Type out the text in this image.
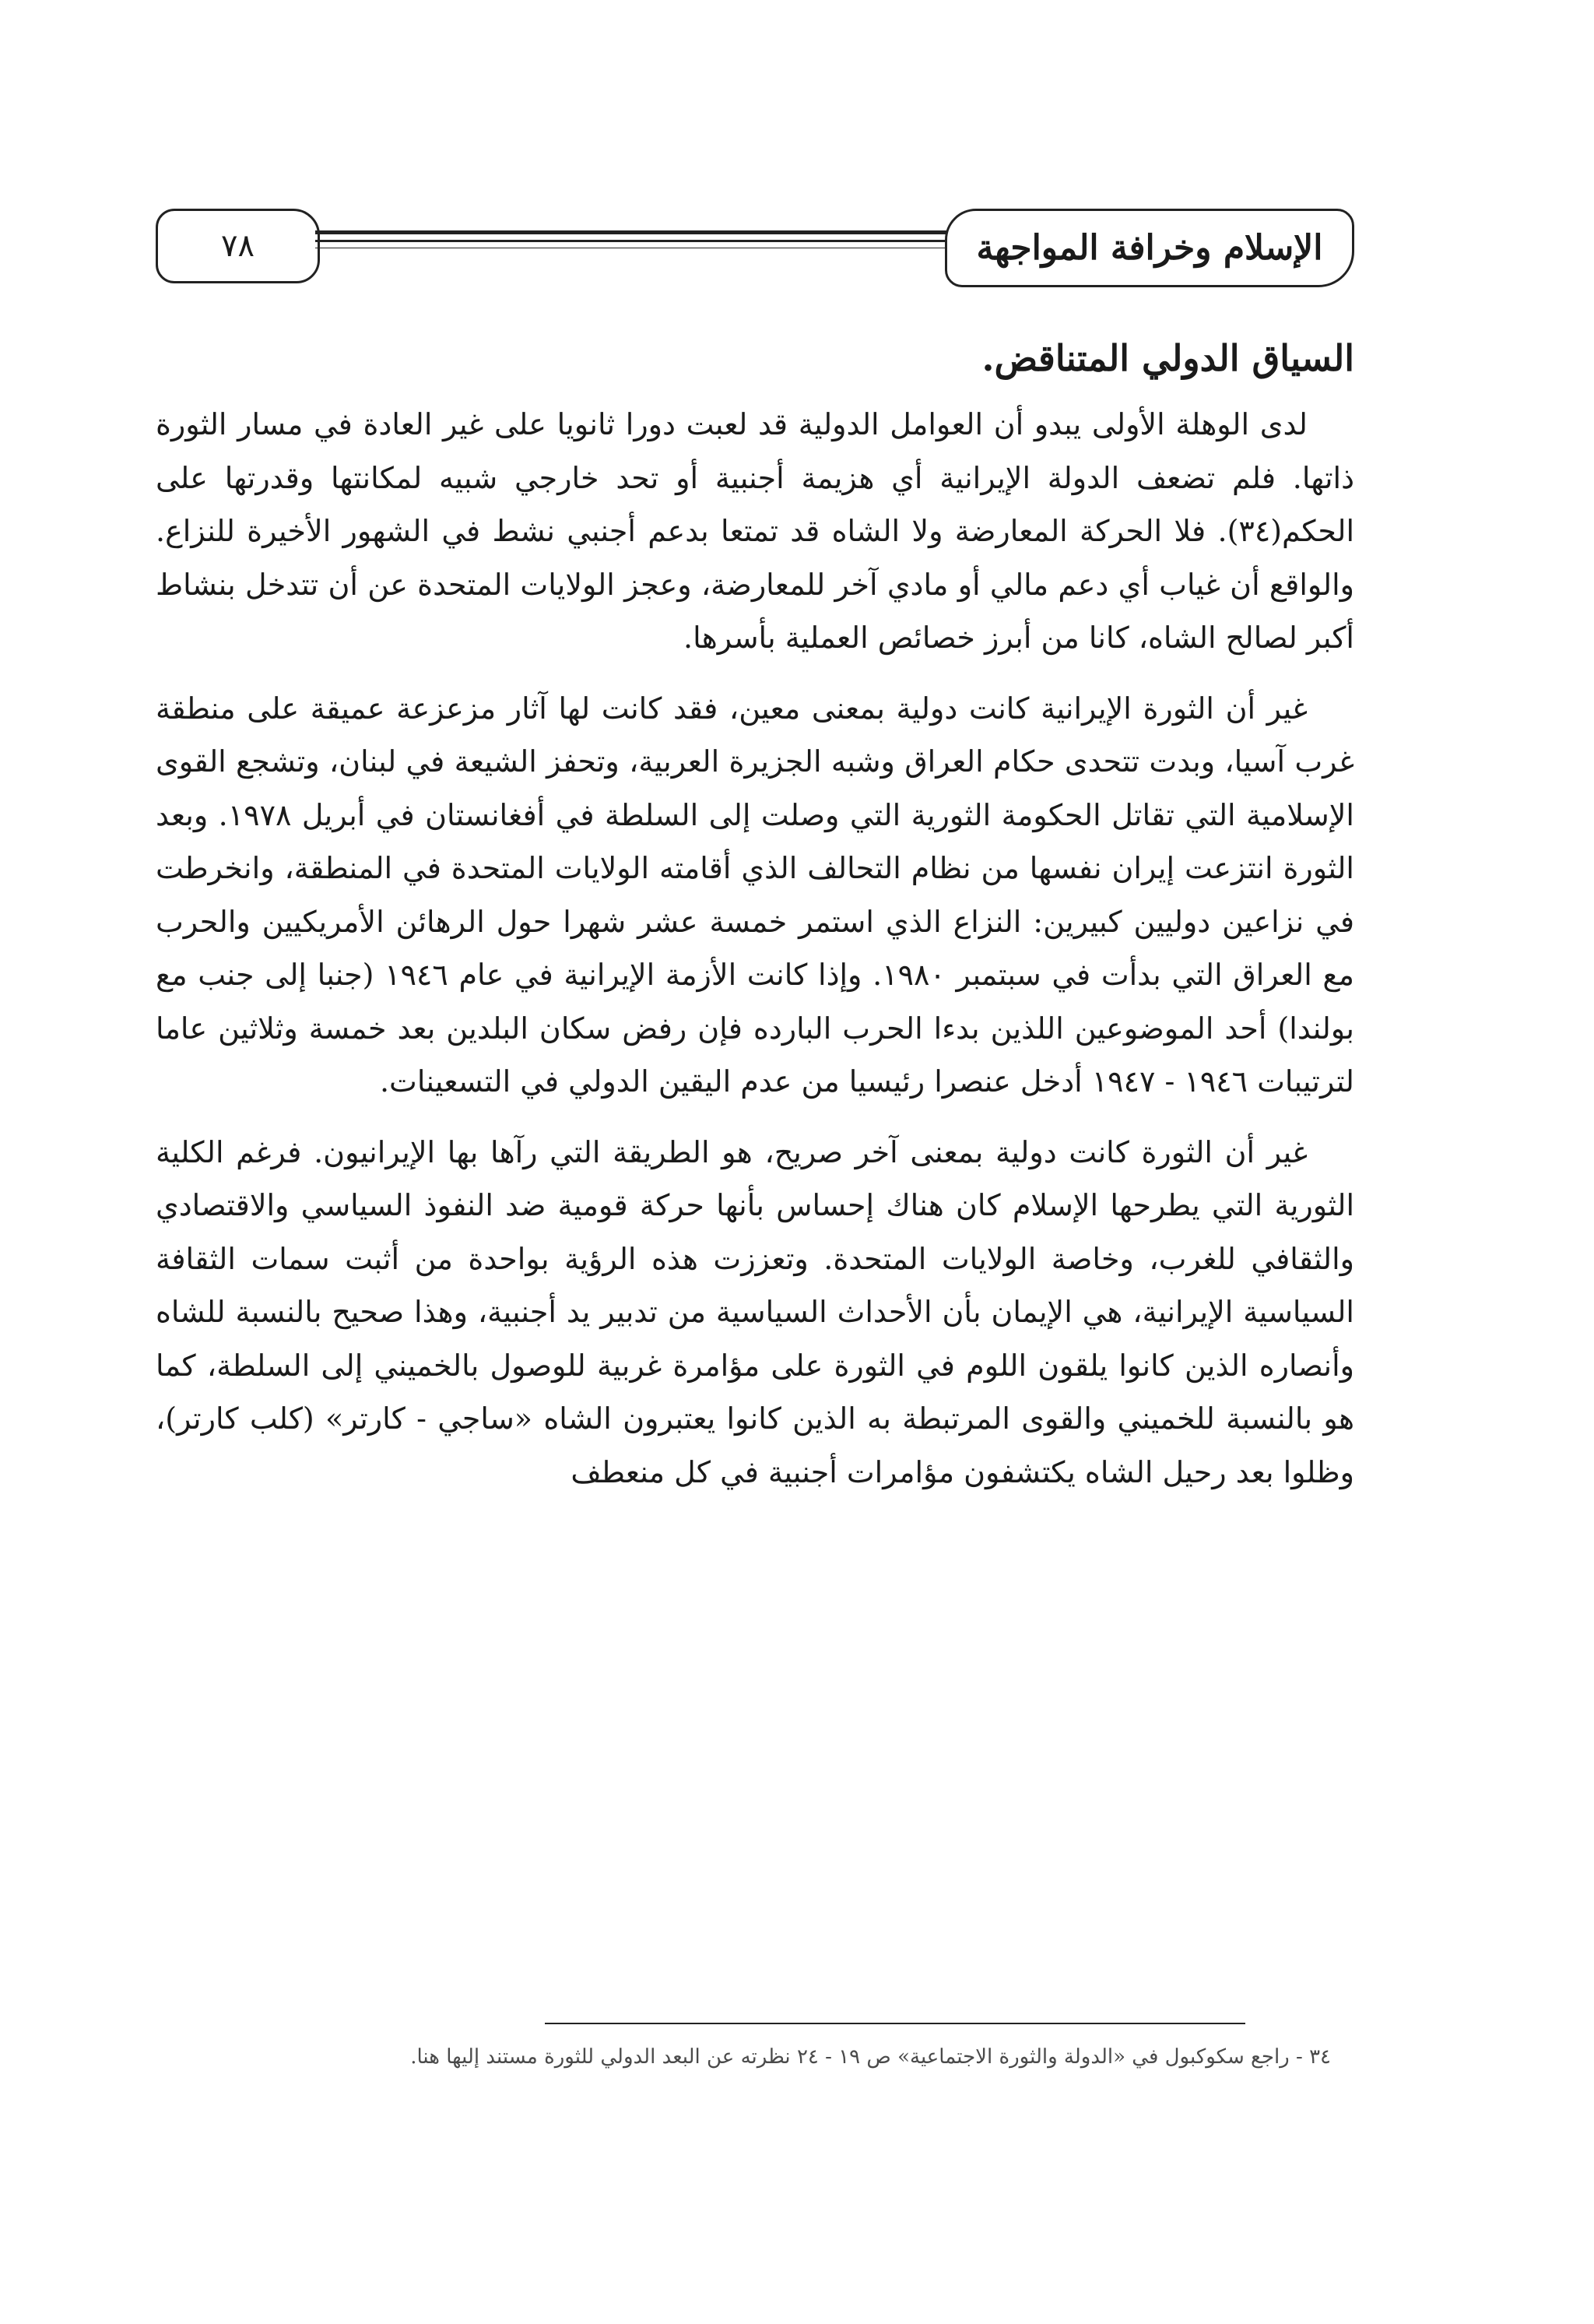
٧٨	الإسلام وخرافة المواجهة
السياق الدولي المتناقض.

لدى الوهلة الأولى يبدو أن العوامل الدولية قد لعبت دورا ثانويا على غير العادة في مسار الثورة ذاتها. فلم تضعف الدولة الإيرانية أي هزيمة أجنبية أو تحد خارجي شبيه لمكانتها وقدرتها على الحكم(٣٤). فلا الحركة المعارضة ولا الشاه قد تمتعا بدعم أجنبي نشط في الشهور الأخيرة للنزاع. والواقع أن غياب أي دعم مالي أو مادي آخر للمعارضة، وعجز الولايات المتحدة عن أن تتدخل بنشاط أكبر لصالح الشاه، كانا من أبرز خصائص العملية بأسرها.

غير أن الثورة الإيرانية كانت دولية بمعنى معين، فقد كانت لها آثار مزعزعة عميقة على منطقة غرب آسيا، وبدت تتحدى حكام العراق وشبه الجزيرة العربية، وتحفز الشيعة في لبنان، وتشجع القوى الإسلامية التي تقاتل الحكومة الثورية التي وصلت إلى السلطة في أفغانستان في أبريل ١٩٧٨. وبعد الثورة انتزعت إيران نفسها من نظام التحالف الذي أقامته الولايات المتحدة في المنطقة، وانخرطت في نزاعين دوليين كبيرين: النزاع الذي استمر خمسة عشر شهرا حول الرهائن الأمريكيين والحرب مع العراق التي بدأت في سبتمبر ١٩٨٠. وإذا كانت الأزمة الإيرانية في عام ١٩٤٦ (جنبا إلى جنب مع بولندا) أحد الموضوعين اللذين بدءا الحرب البارده فإن رفض سكان البلدين بعد خمسة وثلاثين عاما لترتيبات ١٩٤٦ - ١٩٤٧ أدخل عنصرا رئيسيا من عدم اليقين الدولي في التسعينات.

غير أن الثورة كانت دولية بمعنى آخر صريح، هو الطريقة التي رآها بها الإيرانيون. فرغم الكلية الثورية التي يطرحها الإسلام كان هناك إحساس بأنها حركة قومية ضد النفوذ السياسي والاقتصادي والثقافي للغرب، وخاصة الولايات المتحدة. وتعززت هذه الرؤية بواحدة من أثبت سمات الثقافة السياسية الإيرانية، هي الإيمان بأن الأحداث السياسية من تدبير يد أجنبية، وهذا صحيح بالنسبة للشاه وأنصاره الذين كانوا يلقون اللوم في الثورة على مؤامرة غربية للوصول بالخميني إلى السلطة، كما هو بالنسبة للخميني والقوى المرتبطة به الذين كانوا يعتبرون الشاه «ساجي - كارتر» (كلب كارتر)، وظلوا بعد رحيل الشاه يكتشفون مؤامرات أجنبية في كل منعطف

٣٤ - راجع سكوكبول في «الدولة والثورة الاجتماعية» ص ١٩ - ٢٤ نظرته عن البعد الدولي للثورة مستند إليها هنا.
